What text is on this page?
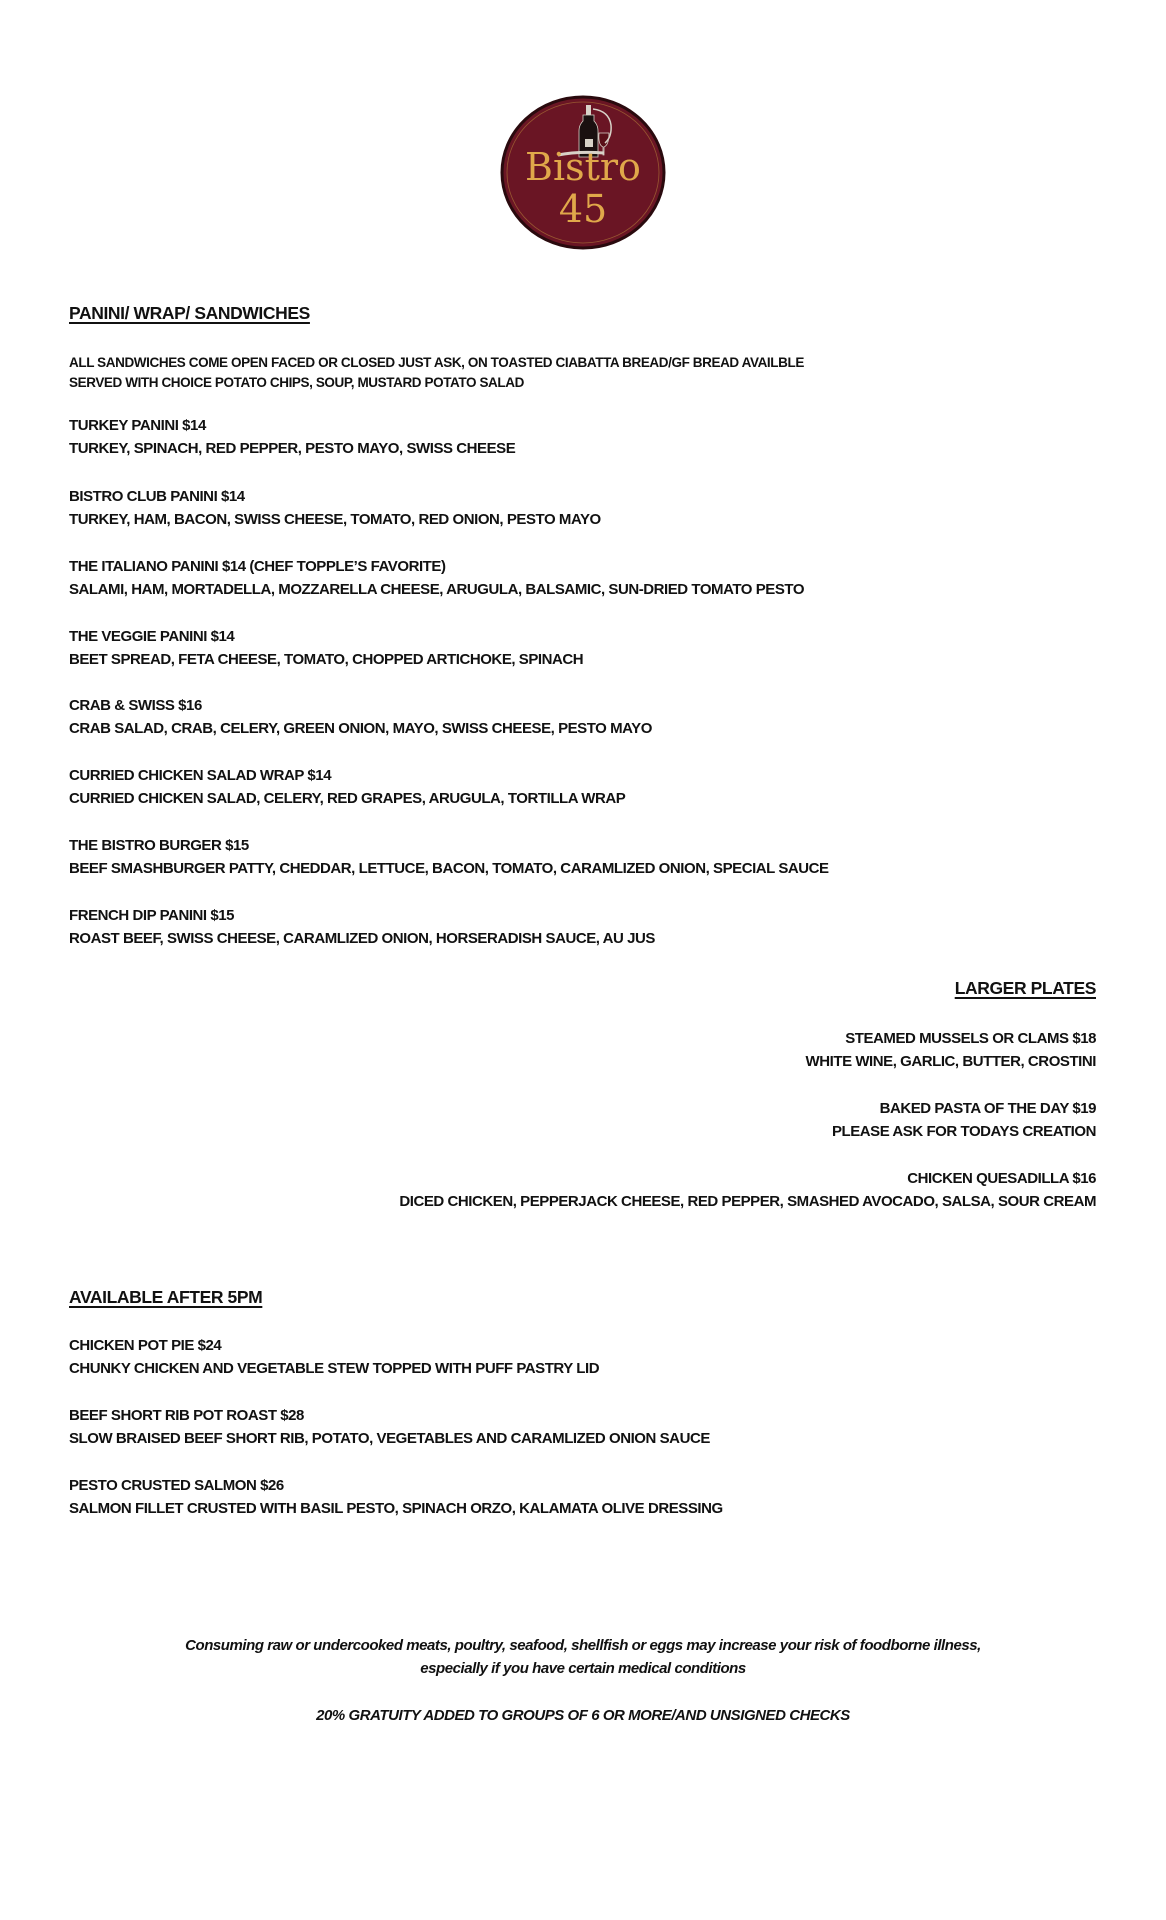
Bistro
45
PANINI/ WRAP/ SANDWICHES
ALL SANDWICHES COME OPEN FACED OR CLOSED JUST ASK, ON TOASTED CIABATTA BREAD/GF BREAD AVAILBLE
SERVED WITH CHOICE POTATO CHIPS, SOUP, MUSTARD POTATO SALAD
TURKEY PANINI $14
TURKEY, SPINACH, RED PEPPER, PESTO MAYO, SWISS CHEESE
BISTRO CLUB PANINI $14
TURKEY, HAM, BACON, SWISS CHEESE, TOMATO, RED ONION, PESTO MAYO
THE ITALIANO PANINI $14 (CHEF TOPPLE’S FAVORITE)
SALAMI, HAM, MORTADELLA, MOZZARELLA CHEESE, ARUGULA, BALSAMIC, SUN-DRIED TOMATO PESTO
THE VEGGIE PANINI $14
BEET SPREAD, FETA CHEESE, TOMATO, CHOPPED ARTICHOKE, SPINACH
CRAB & SWISS $16
CRAB SALAD, CRAB, CELERY, GREEN ONION, MAYO, SWISS CHEESE, PESTO MAYO
CURRIED CHICKEN SALAD WRAP $14
CURRIED CHICKEN SALAD, CELERY, RED GRAPES, ARUGULA, TORTILLA WRAP
THE BISTRO BURGER $15
BEEF SMASHBURGER PATTY, CHEDDAR, LETTUCE, BACON, TOMATO, CARAMLIZED ONION, SPECIAL SAUCE
FRENCH DIP PANINI $15
ROAST BEEF, SWISS CHEESE, CARAMLIZED ONION, HORSERADISH SAUCE, AU JUS
LARGER PLATES
STEAMED MUSSELS OR CLAMS $18
WHITE WINE, GARLIC, BUTTER, CROSTINI
BAKED PASTA OF THE DAY $19
PLEASE ASK FOR TODAYS CREATION
CHICKEN QUESADILLA $16
DICED CHICKEN, PEPPERJACK CHEESE, RED PEPPER, SMASHED AVOCADO, SALSA, SOUR CREAM
AVAILABLE AFTER 5PM
CHICKEN POT PIE $24
CHUNKY CHICKEN AND VEGETABLE STEW TOPPED WITH PUFF PASTRY LID
BEEF SHORT RIB POT ROAST $28
SLOW BRAISED BEEF SHORT RIB, POTATO, VEGETABLES AND CARAMLIZED ONION SAUCE
PESTO CRUSTED SALMON $26
SALMON FILLET CRUSTED WITH BASIL PESTO, SPINACH ORZO, KALAMATA OLIVE DRESSING
Consuming raw or undercooked meats, poultry, seafood, shellfish or eggs may increase your risk of foodborne illness,
especially if you have certain medical conditions
20% GRATUITY ADDED TO GROUPS OF 6 OR MORE/AND UNSIGNED CHECKS
